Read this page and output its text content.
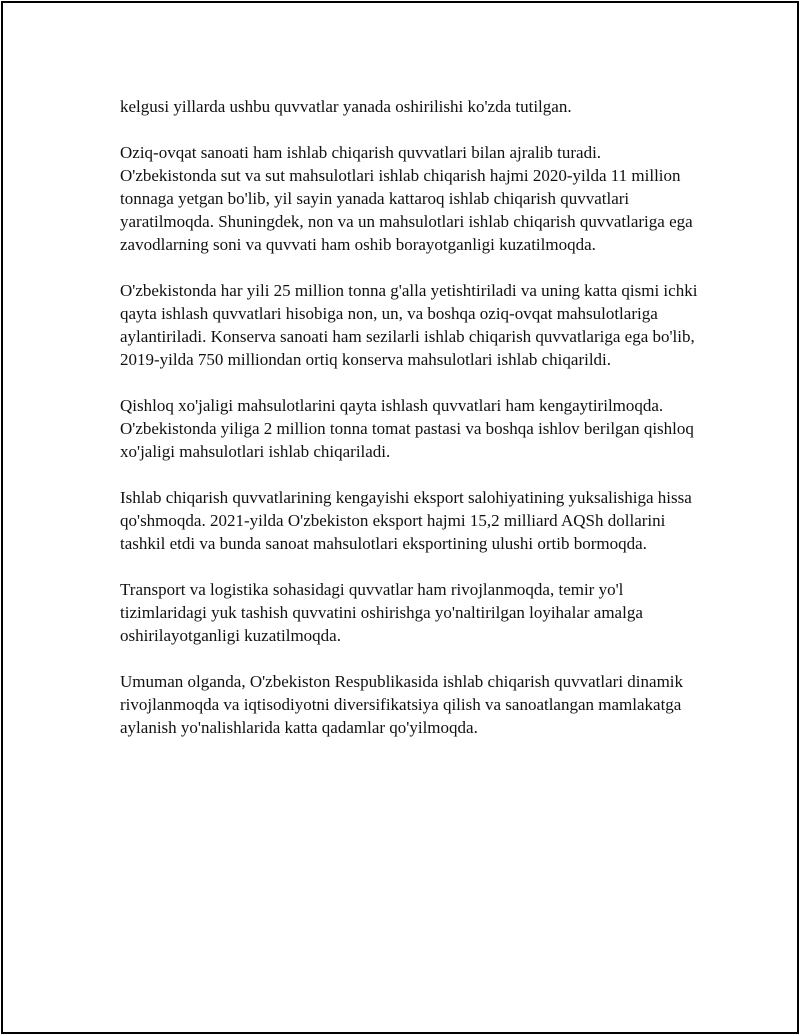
kelgusi yillarda ushbu quvvatlar yanada oshirilishi ko'zda tutilgan.

Oziq-ovqat sanoati ham ishlab chiqarish quvvatlari bilan ajralib turadi. O'zbekistonda sut va sut mahsulotlari ishlab chiqarish hajmi 2020-yilda 11 million tonnaga yetgan bo'lib, yil sayin yanada kattaroq ishlab chiqarish quvvatlari yaratilmoqda. Shuningdek, non va un mahsulotlari ishlab chiqarish quvvatlariga ega zavodlarning soni va quvvati ham oshib borayotganligi kuzatilmoqda.

O'zbekistonda har yili 25 million tonna g'alla yetishtiriladi va uning katta qismi ichki qayta ishlash quvvatlari hisobiga non, un, va boshqa oziq-ovqat mahsulotlariga aylantiriladi. Konserva sanoati ham sezilarli ishlab chiqarish quvvatlariga ega bo'lib, 2019-yilda 750 milliondan ortiq konserva mahsulotlari ishlab chiqarildi.

Qishloq xo'jaligi mahsulotlarini qayta ishlash quvvatlari ham kengaytirilmoqda. O'zbekistonda yiliga 2 million tonna tomat pastasi va boshqa ishlov berilgan qishloq xo'jaligi mahsulotlari ishlab chiqariladi.

Ishlab chiqarish quvvatlarining kengayishi eksport salohiyatining yuksalishiga hissa qo'shmoqda. 2021-yilda O'zbekiston eksport hajmi 15,2 milliard AQSh dollarini tashkil etdi va bunda sanoat mahsulotlari eksportining ulushi ortib bormoqda.

Transport va logistika sohasidagi quvvatlar ham rivojlanmoqda, temir yo'l tizimlaridagi yuk tashish quvvatini oshirishga yo'naltirilgan loyihalar amalga oshirilayotganligi kuzatilmoqda.

Umuman olganda, O'zbekiston Respublikasida ishlab chiqarish quvvatlari dinamik rivojlanmoqda va iqtisodiyotni diversifikatsiya qilish va sanoatlangan mamlakatga aylanish yo'nalishlarida katta qadamlar qo'yilmoqda.
